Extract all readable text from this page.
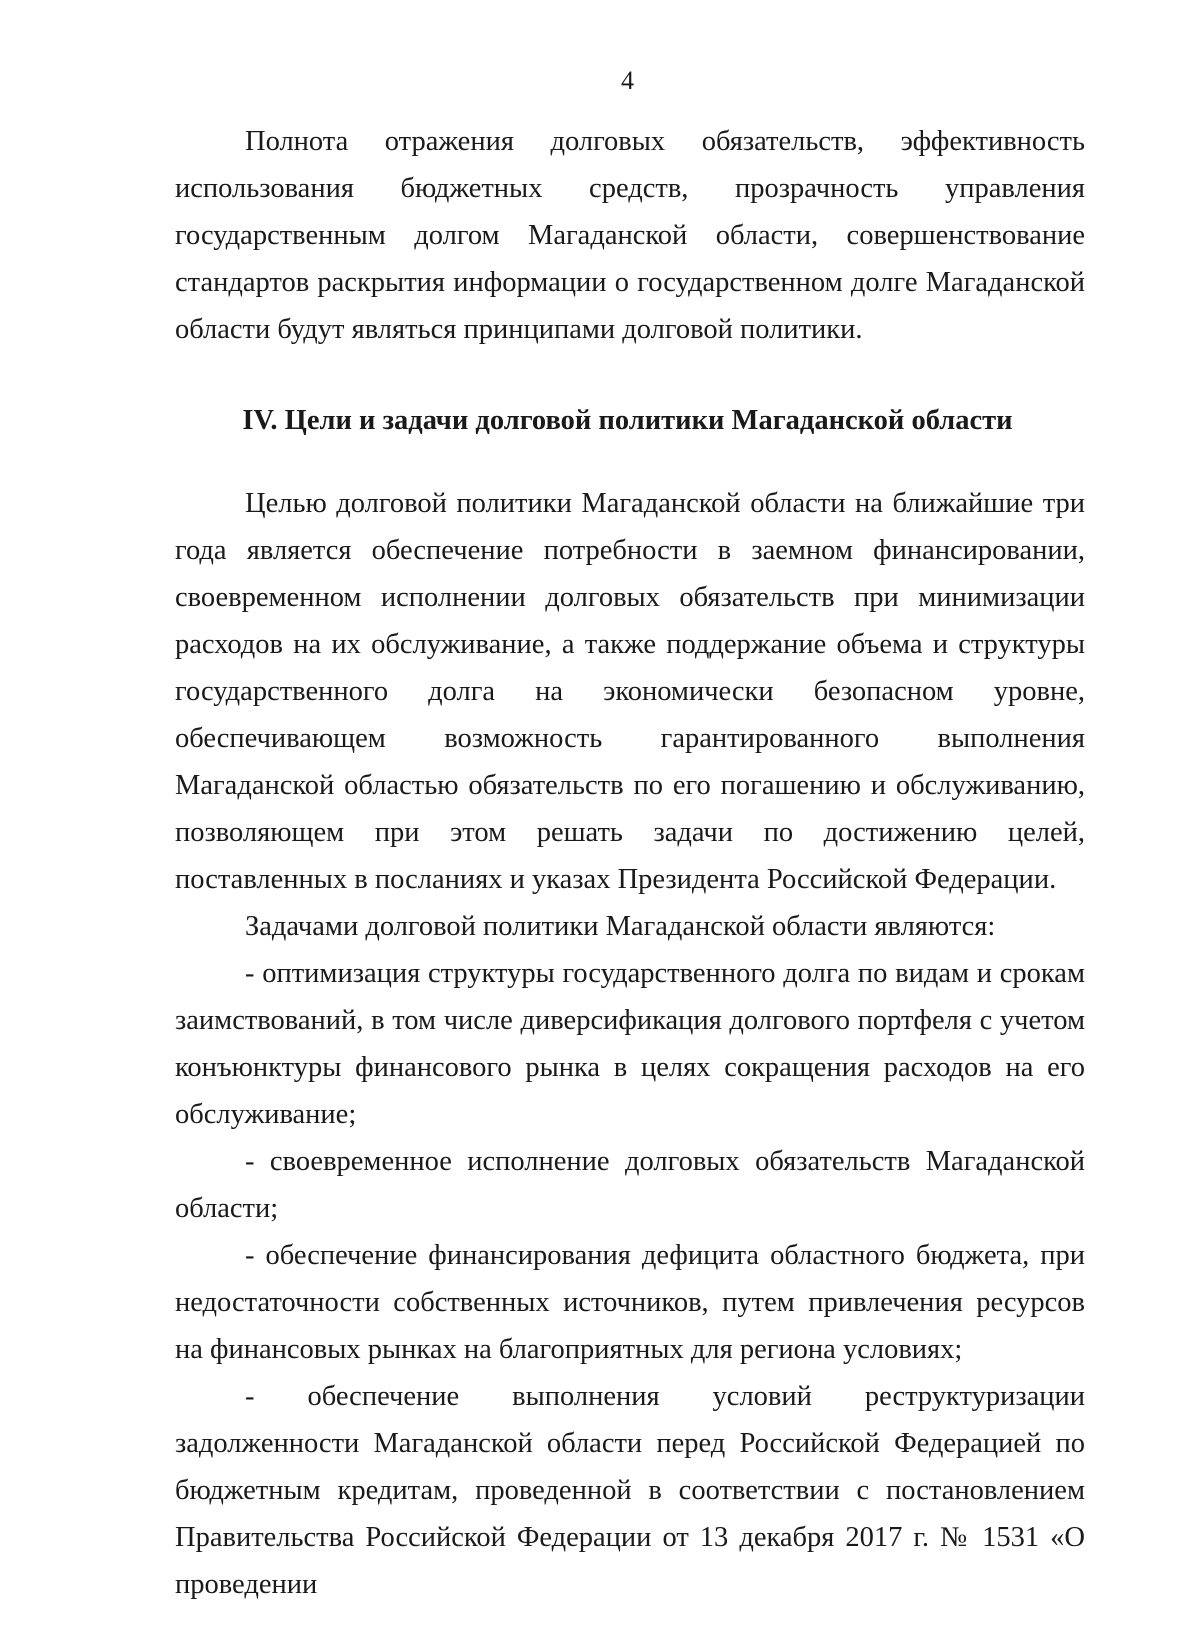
4

Полнота отражения долговых обязательств, эффективность использования бюджетных средств, прозрачность управления государственным долгом Магаданской области, совершенствование стандартов раскрытия информации о государственном долге Магаданской области будут являться принципами долговой политики.

IV. Цели и задачи долговой политики Магаданской области

Целью долговой политики Магаданской области на ближайшие три года является обеспечение потребности в заемном финансировании, своевременном исполнении долговых обязательств при минимизации расходов на их обслуживание, а также поддержание объема и структуры государственного долга на экономически безопасном уровне, обеспечивающем возможность гарантированного выполнения Магаданской областью обязательств по его погашению и обслуживанию, позволяющем при этом решать задачи по достижению целей, поставленных в посланиях и указах Президента Российской Федерации.

Задачами долговой политики Магаданской области являются:

- оптимизация структуры государственного долга по видам и срокам заимствований, в том числе диверсификация долгового портфеля с учетом конъюнктуры финансового рынка в целях сокращения расходов на его обслуживание;

- своевременное исполнение долговых обязательств Магаданской области;

- обеспечение финансирования дефицита областного бюджета, при недостаточности собственных источников, путем привлечения ресурсов на финансовых рынках на благоприятных для региона условиях;

- обеспечение выполнения условий реструктуризации задолженности Магаданской области перед Российской Федерацией по бюджетным кредитам, проведенной в соответствии с постановлением Правительства Российской Федерации от 13 декабря 2017 г. № 1531 «О проведении
